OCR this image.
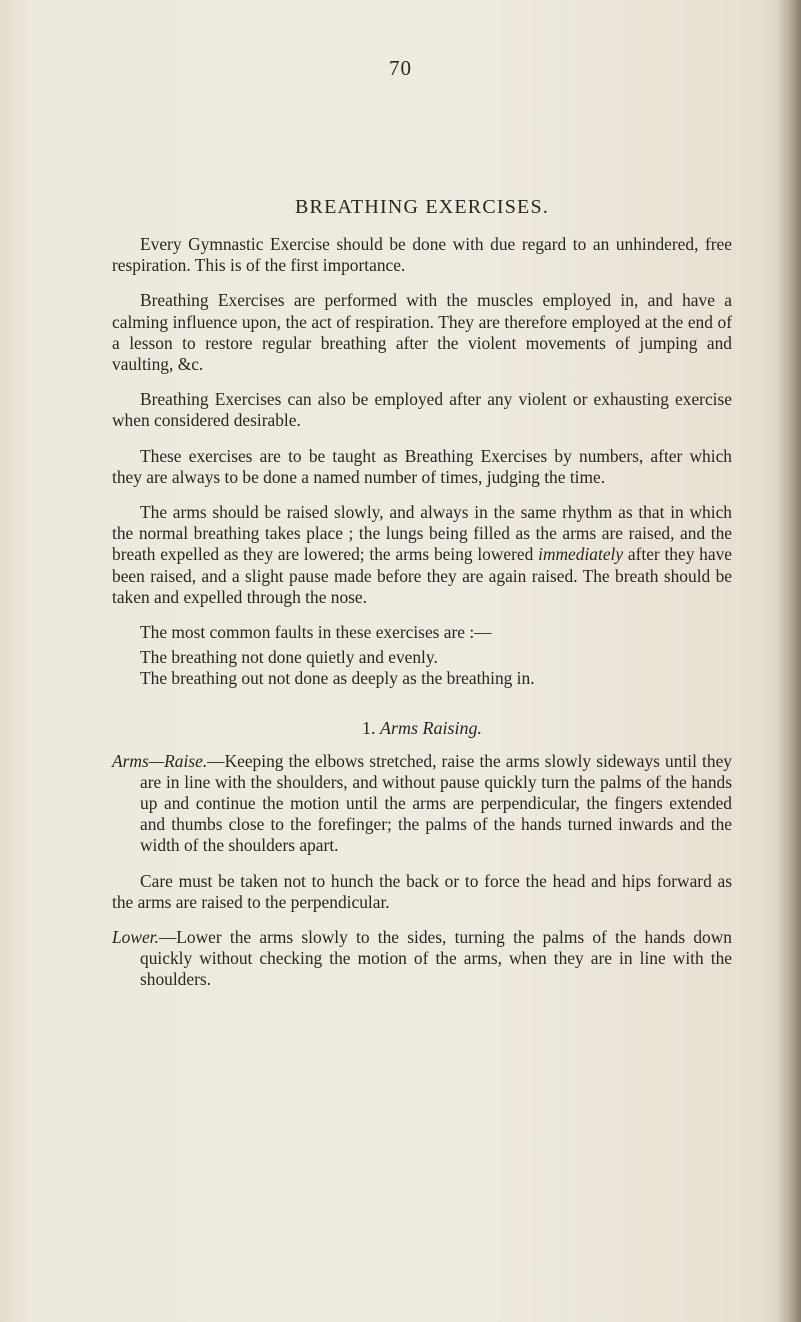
70
BREATHING EXERCISES.

Every Gymnastic Exercise should be done with due regard to an unhindered, free respiration. This is of the first importance.

Breathing Exercises are performed with the muscles employed in, and have a calming influence upon, the act of respiration. They are therefore employed at the end of a lesson to restore regular breathing after the violent movements of jumping and vaulting, &c.

Breathing Exercises can also be employed after any violent or exhausting exercise when considered desirable.

These exercises are to be taught as Breathing Exercises by numbers, after which they are always to be done a named number of times, judging the time.

The arms should be raised slowly, and always in the same rhythm as that in which the normal breathing takes place ; the lungs being filled as the arms are raised, and the breath expelled as they are lowered; the arms being lowered immediately after they have been raised, and a slight pause made before they are again raised. The breath should be taken and expelled through the nose.

The most common faults in these exercises are :—

The breathing not done quietly and evenly.
The breathing out not done as deeply as the breathing in.
1. Arms Raising.

Arms—Raise.—Keeping the elbows stretched, raise the arms slowly sideways until they are in line with the shoulders, and without pause quickly turn the palms of the hands up and continue the motion until the arms are perpendicular, the fingers extended and thumbs close to the forefinger; the palms of the hands turned inwards and the width of the shoulders apart.

Care must be taken not to hunch the back or to force the head and hips forward as the arms are raised to the perpendicular.

Lower.—Lower the arms slowly to the sides, turning the palms of the hands down quickly without checking the motion of the arms, when they are in line with the shoulders.
